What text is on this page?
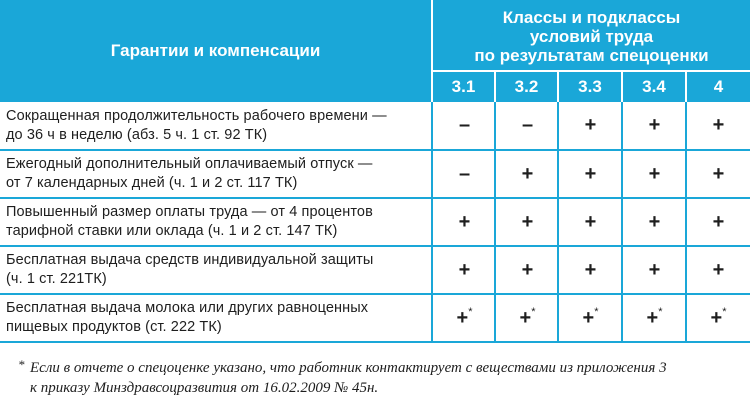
Гарантии и компенсации
Классы и подклассы
условий труда
по результатам спецоценки
3.1	3.2	3.3	3.4	4
Сокращенная продолжительность рабочего времени —
до 36 ч в неделю (абз. 5 ч. 1 ст. 92 ТК)	–	–	+	+	+
Ежегодный дополнительный оплачиваемый отпуск —
от 7 календарных дней (ч. 1 и 2 ст. 117 ТК)	–	+	+	+	+
Повышенный размер оплаты труда — от 4 процентов
тарифной ставки или оклада (ч. 1 и 2 ст. 147 ТК)	+	+	+	+	+
Бесплатная выдача средств индивидуальной защиты
(ч. 1 ст. 221ТК)	+	+	+	+	+
Бесплатная выдача молока или других равноценных
пищевых продуктов (ст. 222 ТК)	+* +* +* +* +*
* Если в отчете о спецоценке указано, что работник контактирует с веществами из приложения 3
к приказу Минздравсоцразвития от 16.02.2009 № 45н.
